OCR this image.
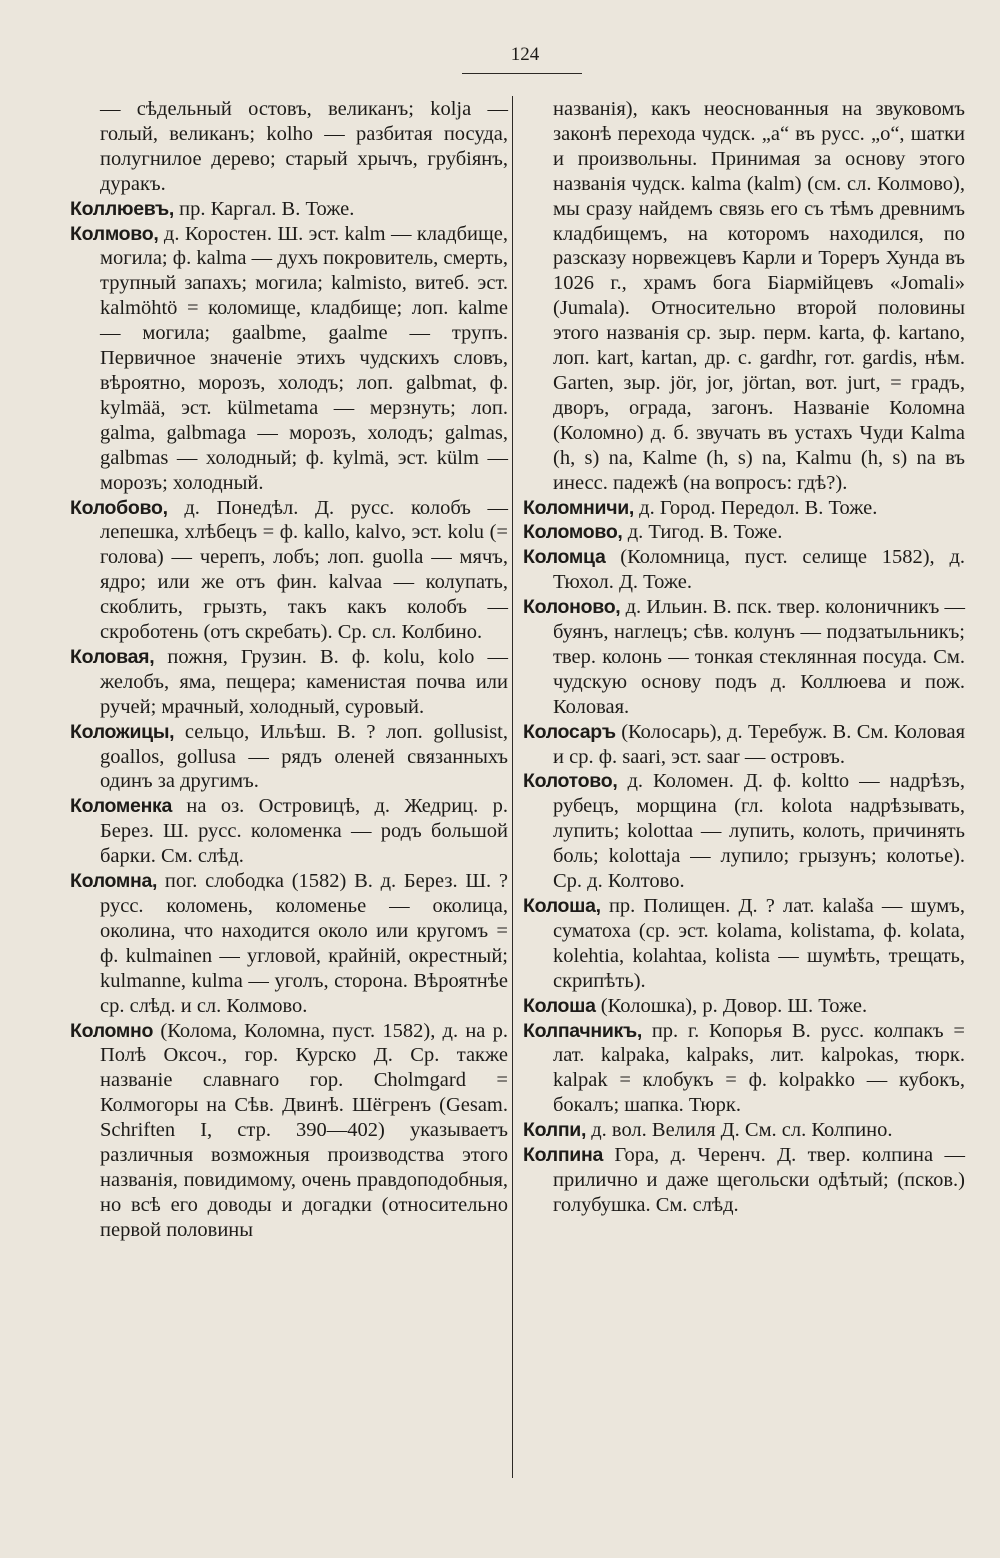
124

— сѣдельный остовъ, великанъ; kolja — голый, великанъ; kolho — разбитая посуда, полугнилое дерево; старый хрычъ, грубіянъ, дуракъ.

Коллюевъ, пр. Каргал. В. Тоже.

Колмово, д. Коростен. Ш. эст. kalm — кладбище, могила; ф. kalma — духъ покровитель, смерть, трупный запахъ; могила; kalmisto, витеб. эст. kalmöhtö = коломище, кладбище; лоп. kalme — могила; gaalbme, gaalme — трупъ. Первичное значеніе этихъ чудскихъ словъ, вѣроятно, морозъ, холодъ; лоп. galbmat, ф. kylmää, эст. külmetama — мерзнуть; лоп. galma, galbmaga — морозъ, холодъ; galmas, galbmas — холодный; ф. kylmä, эст. külm — морозъ; холодный.

Колобово, д. Понедѣл. Д. русс. колобъ — лепешка, хлѣбецъ = ф. kallo, kalvo, эст. kolu (= голова) — черепъ, лобъ; лоп. guolla — мячъ, ядро; или же отъ фин. kalvaa — колупать, скоблить, грызть, такъ какъ колобъ — скроботень (отъ скребать). Ср. сл. Колбино.

Коловая, пожня, Грузин. В. ф. kolu, kolo — желобъ, яма, пещера; каменистая почва или ручей; мрачный, холодный, суровый.

Коложицы, сельцо, Ильѣш. В. ? лоп. gollusist, goallos, gollusa — рядъ оленей связанныхъ одинъ за другимъ.

Коломенка на оз. Островицѣ, д. Жедриц. р. Берез. Ш. русс. коломенка — родъ большой барки. См. слѣд.

Коломна, пог. слободка (1582) В. д. Берез. Ш. ? русс. коломень, коломенье — околица, околина, что находится около или кругомъ = ф. kulmainen — угловой, крайній, окрестный; kulmanne, kulma — уголъ, сторона. Вѣроятнѣе ср. слѣд. и сл. Колмово.

Коломно (Колома, Коломна, пуст. 1582), д. на р. Полѣ Оксоч., гор. Курско Д. Ср. также названіе славнаго гор. Cholmgard = Колмогоры на Сѣв. Двинѣ. Шёгренъ (Gesam. Schriften I, стр. 390—402) указываетъ различныя возможныя производства этого названія, повидимому, очень правдоподобныя, но всѣ его доводы и догадки (относительно первой половины

названія), какъ неоснованныя на звуковомъ законѣ перехода чудск. „а“ въ русс. „о“, шатки и произвольны. Принимая за основу этого названія чудск. kalma (kalm) (см. сл. Колмово), мы сразу найдемъ связь его съ тѣмъ древнимъ кладбищемъ, на которомъ находился, по разсказу норвежцевъ Карли и Тореръ Хунда въ 1026 г., храмъ бога Біармійцевъ «Jomali» (Jumala). Относительно второй половины этого названія ср. зыр. перм. karta, ф. kartano, лоп. kart, kartan, др. с. gardhr, гот. gardis, нѣм. Garten, зыр. jör, jor, jörtan, вот. jurt, = градъ, дворъ, ограда, загонъ. Названіе Коломна (Коломно) д. б. звучать въ устахъ Чуди Kalma (h, s) na, Kalme (h, s) na, Kalmu (h, s) na въ инесс. падежѣ (на вопросъ: гдѣ?).

Коломничи, д. Город. Передол. В. Тоже.

Коломово, д. Тигод. В. Тоже.

Коломца (Коломница, пуст. селище 1582), д. Тюхол. Д. Тоже.

Колоново, д. Ильин. В. пск. твер. колоничникъ — буянъ, наглецъ; сѣв. колунъ — подзатыльникъ; твер. колонь — тонкая стеклянная посуда. См. чудскую основу подъ д. Коллюева и пож. Коловая.

Колосаръ (Колосарь), д. Теребуж. В. См. Коловая и ср. ф. saari, эст. saar — островъ.

Колотово, д. Коломен. Д. ф. koltto — надрѣзъ, рубецъ, морщина (гл. kolota надрѣзывать, лупить; kolottaa — лупить, колоть, причинять боль; kolottaja — лупило; грызунъ; колотье). Ср. д. Колтово.

Колоша, пр. Полищен. Д. ? лат. kalaša — шумъ, суматоха (ср. эст. kolama, kolistama, ф. kolata, kolehtia, kolahtaa, kolista — шумѣть, трещать, скрипѣть).

Колоша (Колошка), р. Довор. Ш. Тоже.

Колпачникъ, пр. г. Копорья В. русс. колпакъ = лат. kalpaka, kalpaks, лит. kalpokas, тюрк. kalpak = клобукъ = ф. kolpakko — кубокъ, бокалъ; шапка. Тюрк.

Колпи, д. вол. Велиля Д. См. сл. Колпино.

Колпина Гора, д. Черенч. Д. твер. колпина — прилично и даже щегольски одѣтый; (псков.) голубушка. См. слѣд.
